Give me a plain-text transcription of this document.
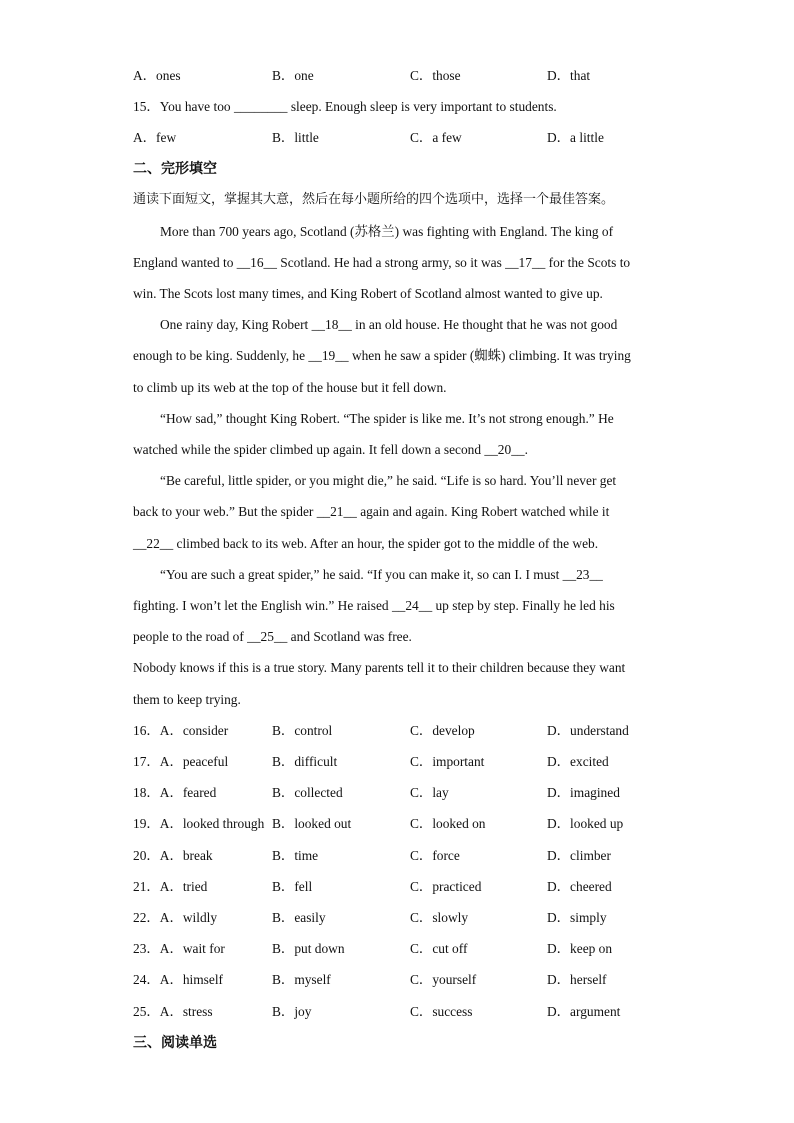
A．ones	B．one	C．those	D．that
15．You have too ________ sleep. Enough sleep is very important to students.
A．few	B．little	C．a few	D．a little
二、完形填空
通读下面短文，掌握其大意，然后在每小题所给的四个选项中，选择一个最佳答案。
More than 700 years ago, Scotland (苏格兰) was fighting with England. The king of
England wanted to __16__ Scotland. He had a strong army, so it was __17__ for the Scots to
win. The Scots lost many times, and King Robert of Scotland almost wanted to give up.
One rainy day, King Robert __18__ in an old house. He thought that he was not good
enough to be king. Suddenly, he __19__ when he saw a spider (蜘蛛) climbing. It was trying
to climb up its web at the top of the house but it fell down.
“How sad,” thought King Robert. “The spider is like me. It’s not strong enough.” He
watched while the spider climbed up again. It fell down a second __20__.
“Be careful, little spider, or you might die,” he said. “Life is so hard. You’ll never get
back to your web.” But the spider __21__ again and again. King Robert watched while it
__22__ climbed back to its web. After an hour, the spider got to the middle of the web.
“You are such a great spider,” he said. “If you can make it, so can I. I must __23__
fighting. I won’t let the English win.” He raised __24__ up step by step. Finally he led his
people to the road of __25__ and Scotland was free.
Nobody knows if this is a true story. Many parents tell it to their children because they want
them to keep trying.
16．A．consider	B．control	C．develop	D．understand
17．A．peaceful	B．difficult	C．important	D．excited
18．A．feared	B．collected	C．lay	D．imagined
19．A．looked through B．looked out	C．looked on	D．looked up
20．A．break	B．time	C．force	D．climber
21．A．tried	B．fell	C．practiced	D．cheered
22．A．wildly	B．easily	C．slowly	D．simply
23．A．wait for	B．put down	C．cut off	D．keep on
24．A．himself	B．myself	C．yourself	D．herself
25．A．stress	B．joy	C．success	D．argument
三、阅读单选
